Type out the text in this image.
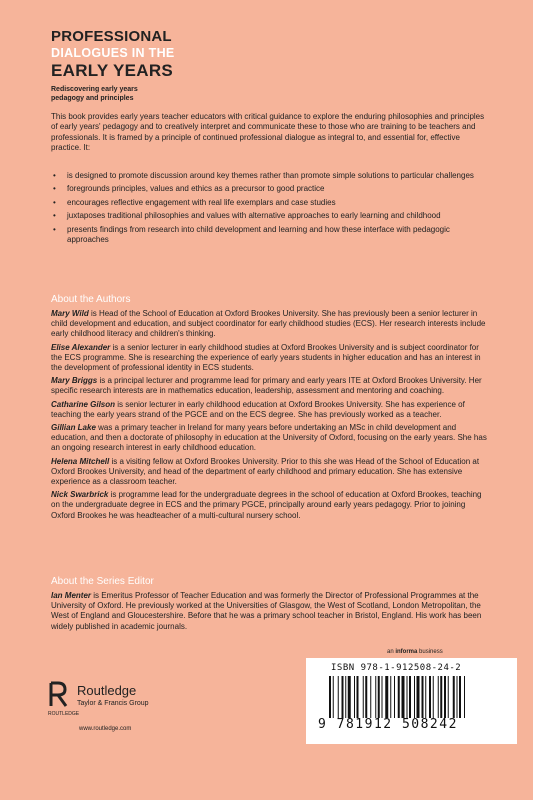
PROFESSIONAL
DIALOGUES IN THE
EARLY YEARS
Rediscovering early years
pedagogy and principles
This book provides early years teacher educators with critical guidance to explore the enduring philosophies and principles of early years' pedagogy and to creatively interpret and communicate these to those who are training to be teachers and professionals. It is framed by a principle of continued professional dialogue as integral to, and essential for, effective practice. It:
• is designed to promote discussion around key themes rather than promote simple solutions to particular challenges
• foregrounds principles, values and ethics as a precursor to good practice
• encourages reflective engagement with real life exemplars and case studies
• juxtaposes traditional philosophies and values with alternative approaches to early learning and childhood
• presents findings from research into child development and learning and how these interface with pedagogic approaches
About the Authors

Mary Wild is Head of the School of Education at Oxford Brookes University. She has previously been a senior lecturer in child development and education, and subject coordinator for early childhood studies (ECS). Her research interests include early childhood literacy and children's thinking.

Elise Alexander is a senior lecturer in early childhood studies at Oxford Brookes University and is subject coordinator for the ECS programme. She is researching the experience of early years students in higher education and has an interest in the development of professional identity in ECS students.

Mary Briggs is a principal lecturer and programme lead for primary and early years ITE at Oxford Brookes University. Her specific research interests are in mathematics education, leadership, assessment and mentoring and coaching.

Catharine Gilson is senior lecturer in early childhood education at Oxford Brookes University. She has experience of teaching the early years strand of the PGCE and on the ECS degree. She has previously worked as a teacher.

Gillian Lake was a primary teacher in Ireland for many years before undertaking an MSc in child development and education, and then a doctorate of philosophy in education at the University of Oxford, focusing on the early years. She has an ongoing research interest in early childhood education.

Helena Mitchell is a visiting fellow at Oxford Brookes University. Prior to this she was Head of the School of Education at Oxford Brookes University, and head of the department of early childhood and primary education. She has extensive experience as a classroom teacher.

Nick Swarbrick is programme lead for the undergraduate degrees in the school of education at Oxford Brookes, teaching on the undergraduate degree in ECS and the primary PGCE, principally around early years pedagogy. Prior to joining Oxford Brookes he was headteacher of a multi-cultural nursery school.

About the Series Editor
Ian Menter is Emeritus Professor of Teacher Education and was formerly the Director of Professional Programmes at the University of Oxford. He previously worked at the Universities of Glasgow, the West of Scotland, London Metropolitan, the West of England and Gloucestershire. Before that he was a primary school teacher in Bristol, England. His work has been widely published in academic journals.
an informa business
ISBN 978-1-912508-24-2
9 781912 508242
ROUTLEDGE
Routledge
Taylor & Francis Group
www.routledge.com
